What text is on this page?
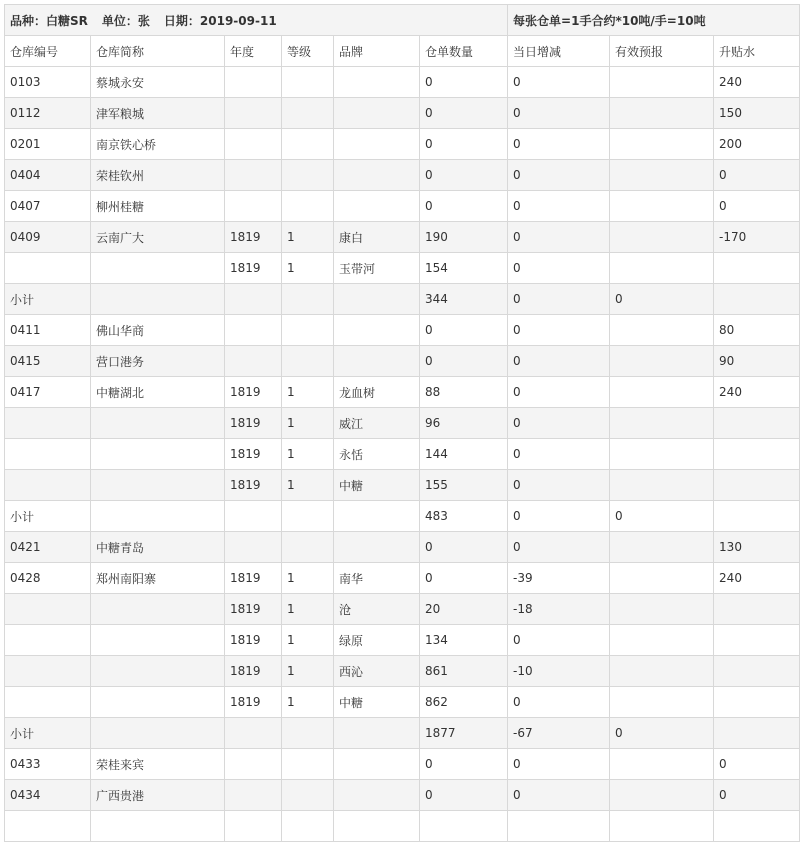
品种：白糖SR 单位：张 日期：2019-09-11						每张仓单=1手合约*10吨/手=10吨		
仓库编号	仓库简称	年度	等级	品牌	仓单数量	当日增减	有效预报	升贴水
0103	蔡城永安				0	0		240
0112	津军粮城				0	0		150
0201	南京铁心桥				0	0		200
0404	荣桂钦州				0	0		0
0407	柳州桂糖				0	0		0
0409	云南广大	1819	1	康白	190	0		-170
		1819	1	玉带河	154	0		
小计					344	0	0	
0411	佛山华商				0	0		80
0415	营口港务				0	0		90
0417	中糖湖北	1819	1	龙血树	88	0		240
		1819	1	威江	96	0		
		1819	1	永恬	144	0		
		1819	1	中糖	155	0		
小计					483	0	0	
0421	中糖青岛				0	0		130
0428	郑州南阳寨	1819	1	南华	0	-39		240
		1819	1	沧	20	-18		
		1819	1	绿原	134	0		
		1819	1	西沁	861	-10		
		1819	1	中糖	862	0		
小计					1877	-67	0	
0433	荣桂来宾				0	0		0
0434	广西贵港				0	0		0
